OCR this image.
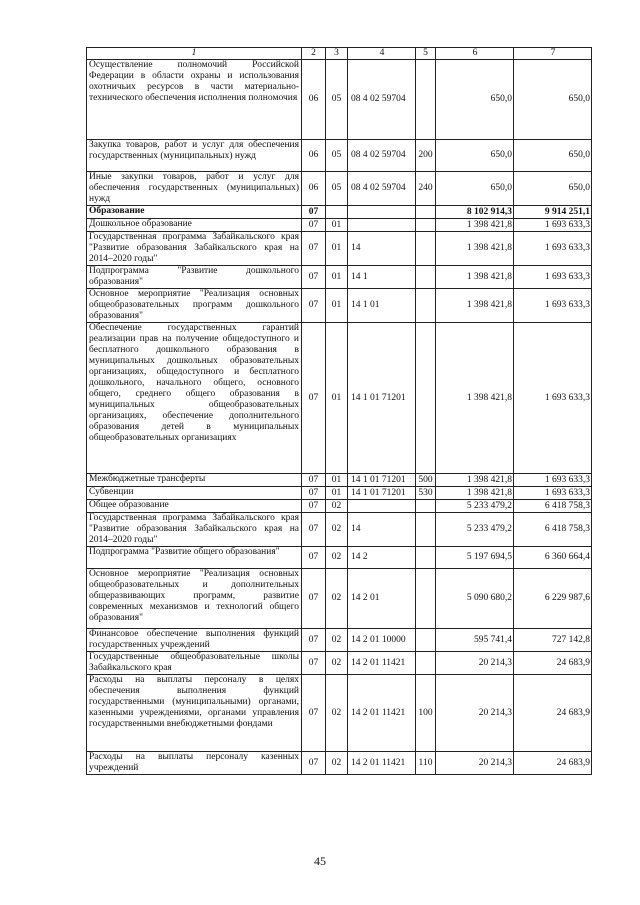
1	2	3	4	5	6	7
Осуществление полномочий Российской Федерации в области охраны и использования охотничьих ресурсов в части материально-технического обеспечения исполнения полномочия	06	05	08 4 02 59704		650,0	650,0
Закупка товаров, работ и услуг для обеспечения государственных (муниципальных) нужд	06	05	08 4 02 59704	200	650,0	650,0
Иные закупки товаров, работ и услуг для обеспечения государственных (муниципальных) нужд	06	05	08 4 02 59704	240	650,0	650,0
Образование	07				8 102 914,3	9 914 251,1
Дошкольное образование	07	01			1 398 421,8	1 693 633,3
Государственная программа Забайкальского края "Развитие образования Забайкальского края на 2014–2020 годы"	07	01	14		1 398 421,8	1 693 633,3
Подпрограмма "Развитие дошкольного образования"	07	01	14 1		1 398 421,8	1 693 633,3
Основное мероприятие "Реализация основных общеобразовательных программ дошкольного образования"	07	01	14 1 01		1 398 421,8	1 693 633,3
Обеспечение государственных гарантий реализации прав на получение общедоступного и бесплатного дошкольного образования в муниципальных дошкольных образовательных организациях, общедоступного и бесплатного дошкольного, начального общего, основного общего, среднего общего образования в муниципальных общеобразовательных организациях, обеспечение дополнительного образования детей в муниципальных общеобразовательных организациях	07	01	14 1 01 71201		1 398 421,8	1 693 633,3
Межбюджетные трансферты	07	01	14 1 01 71201	500	1 398 421,8	1 693 633,3
Субвенции	07	01	14 1 01 71201	530	1 398 421,8	1 693 633,3
Общее образование	07	02			5 233 479,2	6 418 758,3
Государственная программа Забайкальского края "Развитие образования Забайкальского края на 2014–2020 годы"	07	02	14		5 233 479,2	6 418 758,3
Подпрограмма "Развитие общего образования"	07	02	14 2		5 197 694,5	6 360 664,4
Основное мероприятие "Реализация основных общеобразовательных и дополнительных общеразвивающих программ, развитие современных механизмов и технологий общего образования"	07	02	14 2 01		5 090 680,2	6 229 987,6
Финансовое обеспечение выполнения функций государственных учреждений	07	02	14 2 01 10000		595 741,4	727 142,8
Государственные общеобразовательные школы Забайкальского края	07	02	14 2 01 11421		20 214,3	24 683,9
Расходы на выплаты персоналу в целях обеспечения выполнения функций государственными (муниципальными) органами, казенными учреждениями, органами управления государственными внебюджетными фондами	07	02	14 2 01 11421	100	20 214,3	24 683,9
Расходы на выплаты персоналу казенных учреждений	07	02	14 2 01 11421	110	20 214,3	24 683,9
45
